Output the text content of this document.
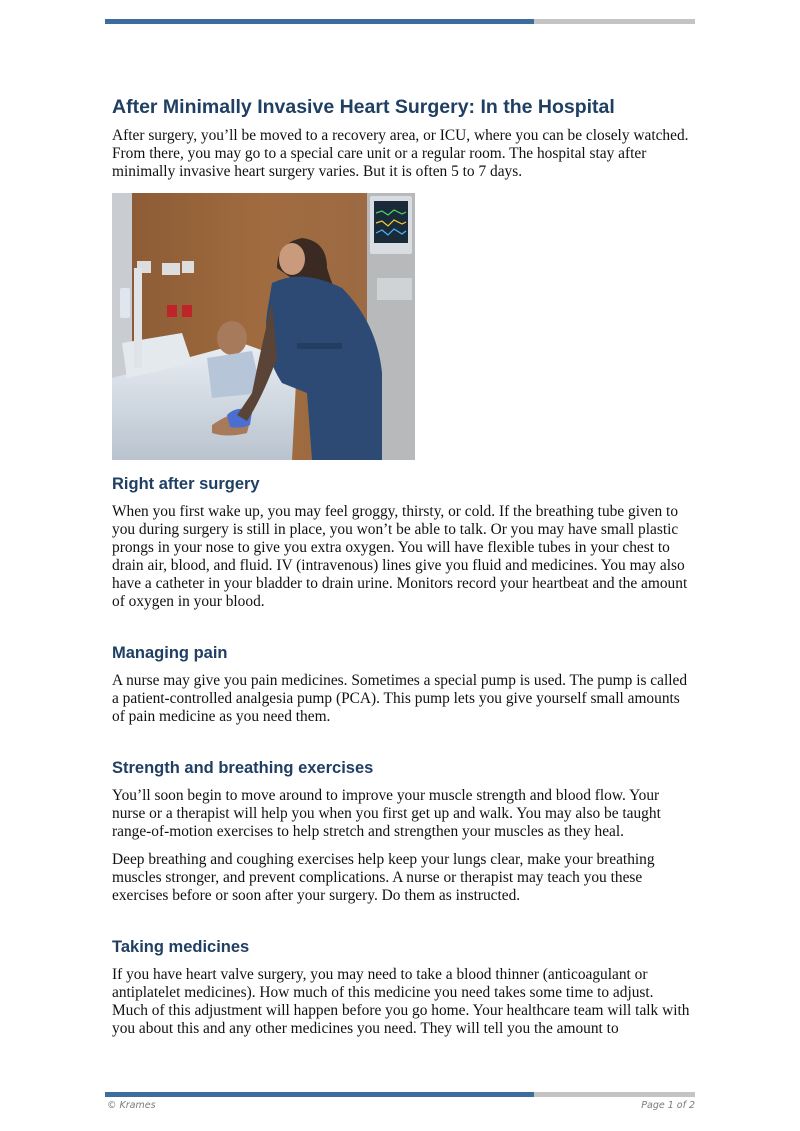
After Minimally Invasive Heart Surgery: In the Hospital

After surgery, you’ll be moved to a recovery area, or ICU, where you can be closely watched. From there, you may go to a special care unit or a regular room. The hospital stay after minimally invasive heart surgery varies. But it is often 5 to 7 days.

Right after surgery

When you first wake up, you may feel groggy, thirsty, or cold. If the breathing tube given to you during surgery is still in place, you won’t be able to talk. Or you may have small plastic prongs in your nose to give you extra oxygen. You will have flexible tubes in your chest to drain air, blood, and fluid. IV (intravenous) lines give you fluid and medicines. You may also have a catheter in your bladder to drain urine. Monitors record your heartbeat and the amount of oxygen in your blood.

Managing pain

A nurse may give you pain medicines. Sometimes a special pump is used. The pump is called a patient-controlled analgesia pump (PCA). This pump lets you give yourself small amounts of pain medicine as you need them.

Strength and breathing exercises

You’ll soon begin to move around to improve your muscle strength and blood flow. Your nurse or a therapist will help you when you first get up and walk. You may also be taught range-of-motion exercises to help stretch and strengthen your muscles as they heal.

Deep breathing and coughing exercises help keep your lungs clear, make your breathing muscles stronger, and prevent complications. A nurse or therapist may teach you these exercises before or soon after your surgery. Do them as instructed.

Taking medicines

If you have heart valve surgery, you may need to take a blood thinner (anticoagulant or antiplatelet medicines). How much of this medicine you need takes some time to adjust. Much of this adjustment will happen before you go home. Your healthcare team will talk with you about this and any other medicines you need. They will tell you the amount to

© Krames	Page 1 of 2
